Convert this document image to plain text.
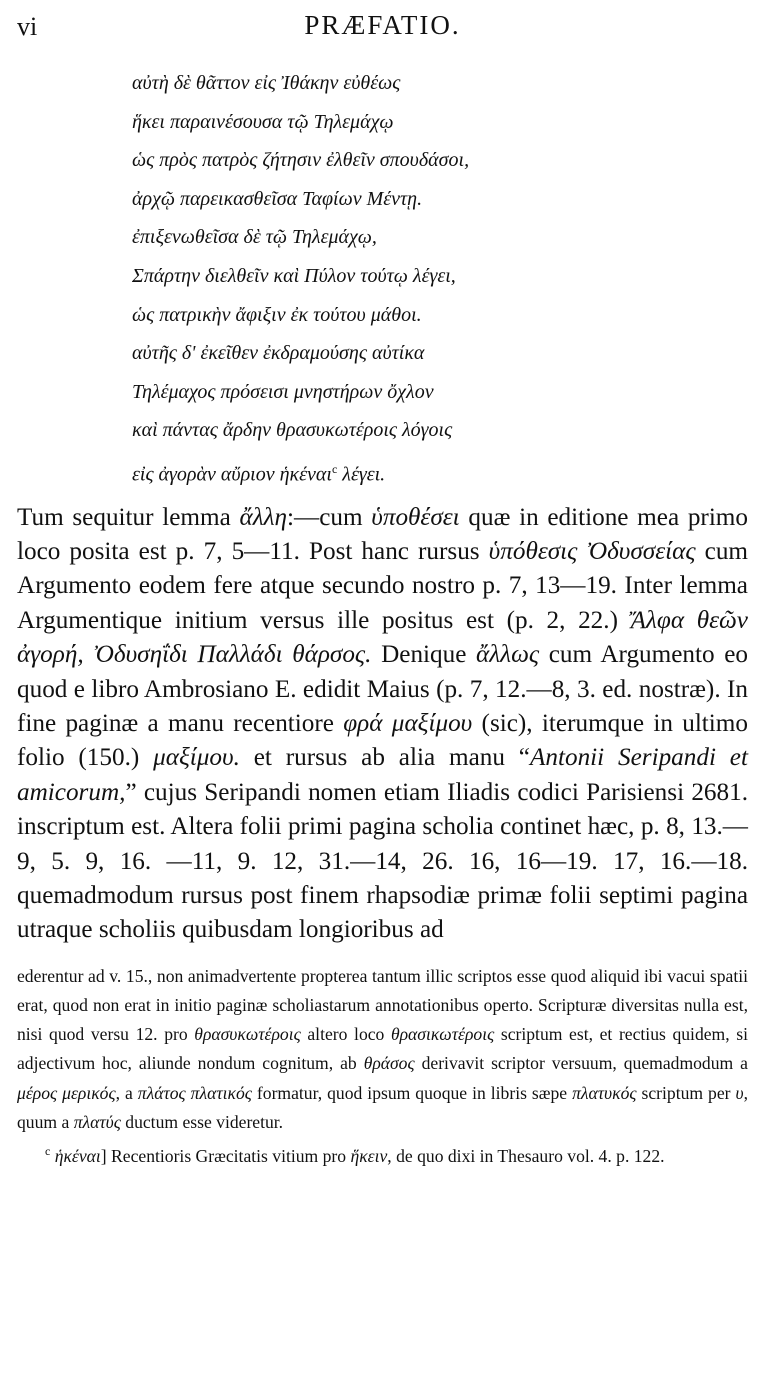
vi	PRÆFATIO.
αὐτὴ δὲ θᾶττον εἰς Ἰθάκην εὐθέως
ἥκει παραινέσουσα τῷ Τηλεμάχῳ
ὡς πρὸς πατρὸς ζήτησιν ἐλθεῖν σπουδάσοι,
ἀρχῷ παρεικασθεῖσα Ταφίων Μέντῃ.
ἐπιξενωθεῖσα δὲ τῷ Τηλεμάχῳ,
Σπάρτην διελθεῖν καὶ Πύλον τούτῳ λέγει,
ὡς πατρικὴν ἄφιξιν ἐκ τούτου μάθοι.
αὐτῆς δ' ἐκεῖθεν ἐκδραμούσης αὐτίκα
Τηλέμαχος πρόσεισι μνηστήρων ὄχλον
καὶ πάντας ἄρδην θρασυκωτέροις λόγοις
εἰς ἀγορὰν αὔριον ἡκέναι$^c$ λέγει.
Tum sequitur lemma ἄλλη:—cum ὑποθέσει quæ in editione mea primo loco posita est p. 7, 5—11. Post hanc rursus ὑπόθεσις Ὀδυσσείας cum Argumento eodem fere atque secundo nostro p. 7, 13—19. Inter lemma Argumentique initium versus ille positus est (p. 2, 22.) Ἄλφα θεῶν ἀγορή, Ὀδυσηΐδι Παλλάδι θάρσος. Denique ἄλλως cum Argumento eo quod e libro Ambrosiano E. edidit Maius (p. 7, 12.—8, 3. ed. nostræ). In fine paginæ a manu recentiore φρά μαξίμου (sic), iterumque in ultimo folio (150.) μαξίμου. et rursus ab alia manu “Antonii Seripandi et amicorum,” cujus Seripandi nomen etiam Iliadis codici Parisiensi 2681. inscriptum est. Altera folii primi pagina scholia continet hæc, p. 8, 13.—9, 5. 9, 16. —11, 9. 12, 31.—14, 26. 16, 16—19. 17, 16.—18. quemadmodum rursus post finem rhapsodiæ primæ folii septimi pagina utraque scholiis quibusdam longioribus ad

ederentur ad v. 15., non animadvertente propterea tantum illic scriptos esse quod aliquid ibi vacui spatii erat, quod non erat in initio paginæ scholiastarum annotationibus operto. Scripturæ diversitas nulla est, nisi quod versu 12. pro θρασυκωτέροις altero loco θρασικωτέροις scriptum est, et rectius quidem, si adjectivum hoc, aliunde nondum cognitum, ab θράσος derivavit scriptor versuum, quemadmodum a μέρος μερικός, a πλάτος πλατικός formatur, quod ipsum quoque in libris sæpe πλατυκός scriptum per υ, quum a πλατύς ductum esse videretur.

$^c$ ἡκέναι] Recentioris Græcitatis vitium pro ἥκειν, de quo dixi in Thesauro vol. 4. p. 122.
